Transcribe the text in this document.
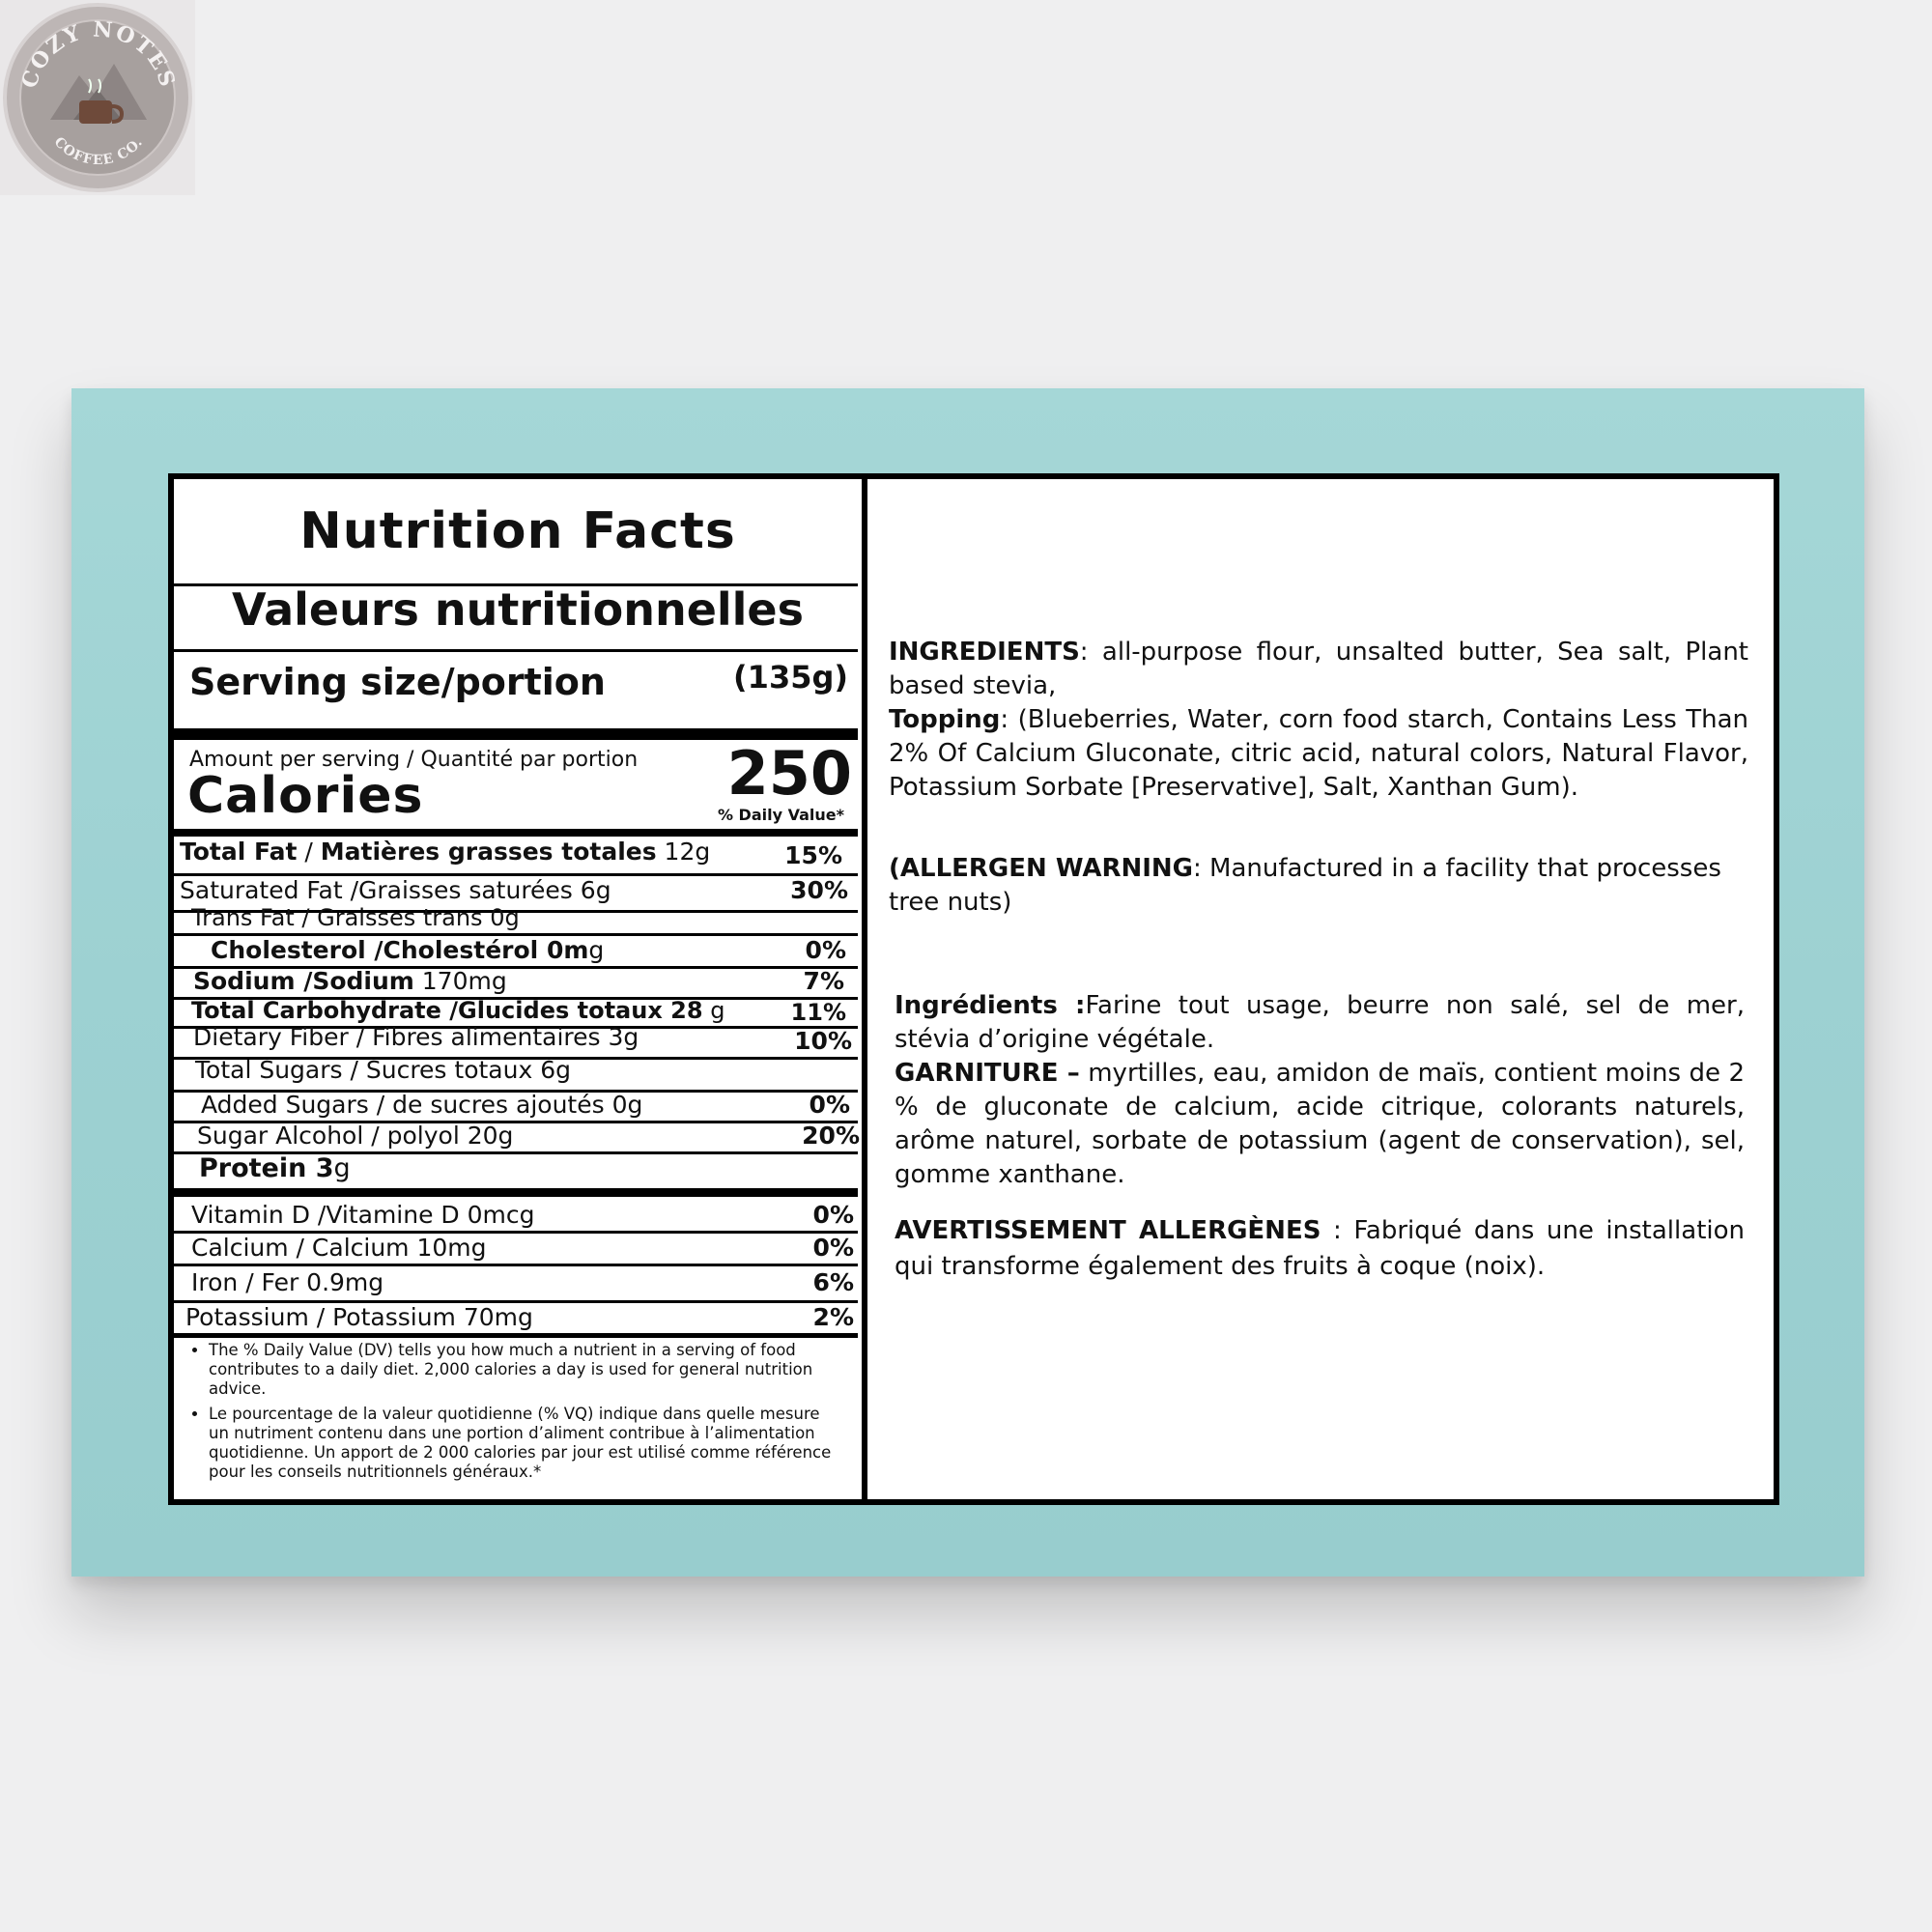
COZY NOTES
COFFEE CO.
Nutrition Facts
Valeurs nutritionnelles
Serving size/portion	(135g)
Amount per serving / Quantité par portion
Calories	250
% Daily Value*
Total Fat / Matières grasses totales 12g	15%
Saturated Fat /Graisses saturées 6g	30%
Trans Fat / Graisses trans 0g
Cholesterol /Cholestérol 0mg	0%
Sodium /Sodium 170mg	7%
Total Carbohydrate /Glucides totaux 28 g	11%
Dietary Fiber / Fibres alimentaires 3g	10%
Total Sugars / Sucres totaux 6g
Added Sugars / de sucres ajoutés 0g	0%
Sugar Alcohol / polyol 20g	20%
Protein 3g
Vitamin D /Vitamine D 0mcg	0%
Calcium / Calcium 10mg	0%
Iron / Fer 0.9mg	6%
Potassium / Potassium 70mg	2%
• The % Daily Value (DV) tells you how much a nutrient in a serving of food contributes to a daily diet. 2,000 calories a day is used for general nutrition advice.
• Le pourcentage de la valeur quotidienne (% VQ) indique dans quelle mesure un nutriment contenu dans une portion d’aliment contribue à l’alimentation quotidienne. Un apport de 2 000 calories par jour est utilisé comme référence pour les conseils nutritionnels généraux.*
INGREDIENTS: all-purpose flour, unsalted butter, Sea salt, Plant based stevia,
Topping: (Blueberries, Water, corn food starch, Contains Less Than 2% Of Calcium Gluconate, citric acid, natural colors, Natural Flavor, Potassium Sorbate [Preservative], Salt, Xanthan Gum).
(ALLERGEN WARNING: Manufactured in a facility that processes tree nuts)
Ingrédients :Farine tout usage, beurre non salé, sel de mer, stévia d’origine végétale.
GARNITURE – myrtilles, eau, amidon de maïs, contient moins de 2 % de gluconate de calcium, acide citrique, colorants naturels, arôme naturel, sorbate de potassium (agent de conservation), sel, gomme xanthane.
AVERTISSEMENT ALLERGÈNES : Fabriqué dans une installation qui transforme également des fruits à coque (noix).
